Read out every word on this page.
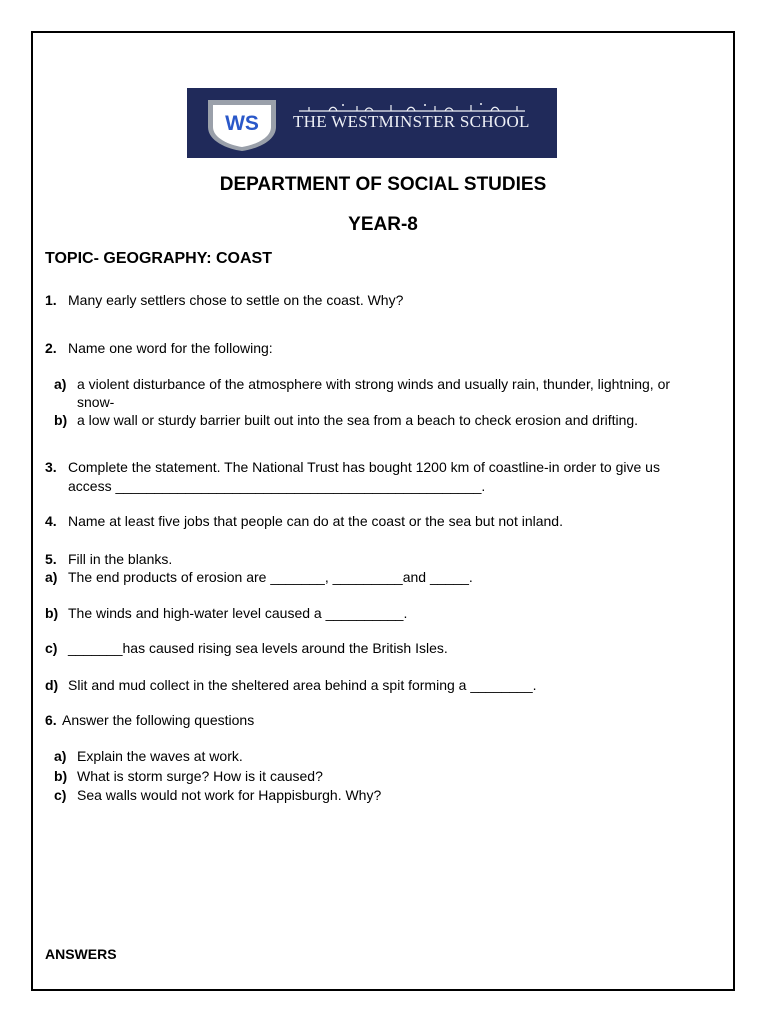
WS THE WESTMINSTER SCHOOL
DEPARTMENT OF SOCIAL STUDIES
YEAR-8
TOPIC- GEOGRAPHY: COAST
1. Many early settlers chose to settle on the coast. Why?
2. Name one word for the following:
a) a violent disturbance of the atmosphere with strong winds and usually rain, thunder, lightning, or
snow-
b) a low wall or sturdy barrier built out into the sea from a beach to check erosion and drifting.
3. Complete the statement. The National Trust has bought 1200 km of coastline-in order to give us
access _______________________________________________.
4. Name at least five jobs that people can do at the coast or the sea but not inland.
5. Fill in the blanks.
a) The end products of erosion are _______, _________and _____.
b) The winds and high-water level caused a __________.
c) _______has caused rising sea levels around the British Isles.
d) Slit and mud collect in the sheltered area behind a spit forming a ________.
6. Answer the following questions
a) Explain the waves at work.
b) What is storm surge? How is it caused?
c) Sea walls would not work for Happisburgh. Why?
ANSWERS
